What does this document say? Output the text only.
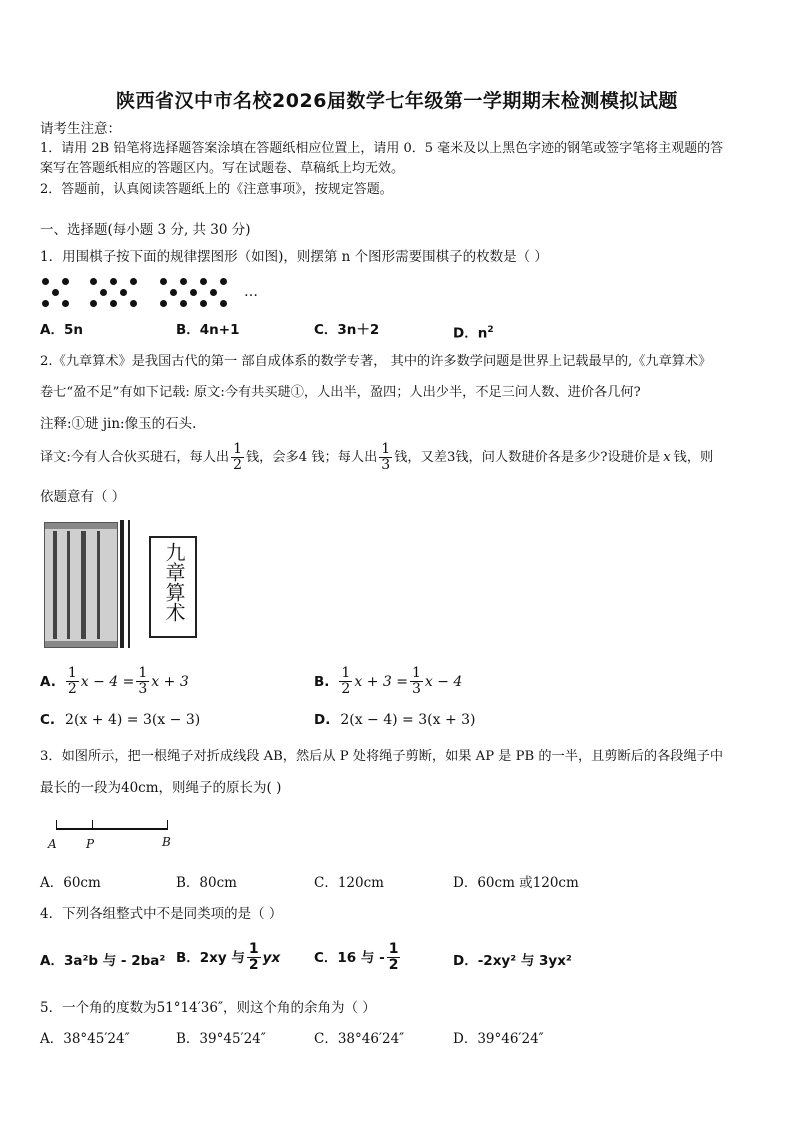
陕西省汉中市名校2026届数学七年级第一学期期末检测模拟试题
请考生注意：
1．请用 2B 铅笔将选择题答案涂填在答题纸相应位置上，请用 0．5 毫米及以上黑色字迹的钢笔或签字笔将主观题的答
案写在答题纸相应的答题区内。写在试题卷、草稿纸上均无效。
2．答题前，认真阅读答题纸上的《注意事项》，按规定答题。
一、选择题(每小题 3 分, 共 30 分)
1．用围棋子按下面的规律摆图形（如图)，则摆第 n 个图形需要围棋子的枚数是（ ）
…
A．5n	B．4n+1	C．3n＋2	D．$n^2$
2.《九章算术》是我国古代的第一 部自成体系的数学专著， 其中的许多数学问题是世界上记载最早的,《九章算术》
卷七“盈不足”有如下记载: 原文:今有共买琎①，人出半，盈四；人出少半，不足三问人数、进价各几何?
注释:①琎 jin:像玉的石头.
译文:今有人合伙买琎石，每人出 $\frac{1}{2}$ 钱，会多4 钱；每人出 $\frac{1}{3}$ 钱，又差3钱，问人数琎价各是多少?设琎价是 x 钱，则
依题意有（ ）
九章算术
A. $\frac{1}{2}$ $x - 4 = \frac{1}{3}$ x + 3	B. $\frac{1}{2}$ $x + 3 = \frac{1}{3}$ x − 4
C. 2(x + 4) = 3(x − 3)	D. 2(x − 4) = 3(x + 3)
3．如图所示，把一根绳子对折成线段 AB，然后从 P 处将绳子剪断，如果 AP 是 PB 的一半，且剪断后的各段绳子中
最长的一段为40cm，则绳子的原长为( )
A P	B
A．60cm	B．80cm	C．120cm	D．60cm 或120cm
4．下列各组整式中不是同类项的是（ ）
A．3a²b 与 - 2ba² B．2xy 与 $\frac{1}{2}$ yx	C．16 与 - $\frac{1}{2}$	D．-2xy² 与 3yx²
5．一个角的度数为51°14′36″，则这个角的余角为（ ）
A．38°45′24″	B．39°45′24″	C．38°46′24″	D．39°46′24″
